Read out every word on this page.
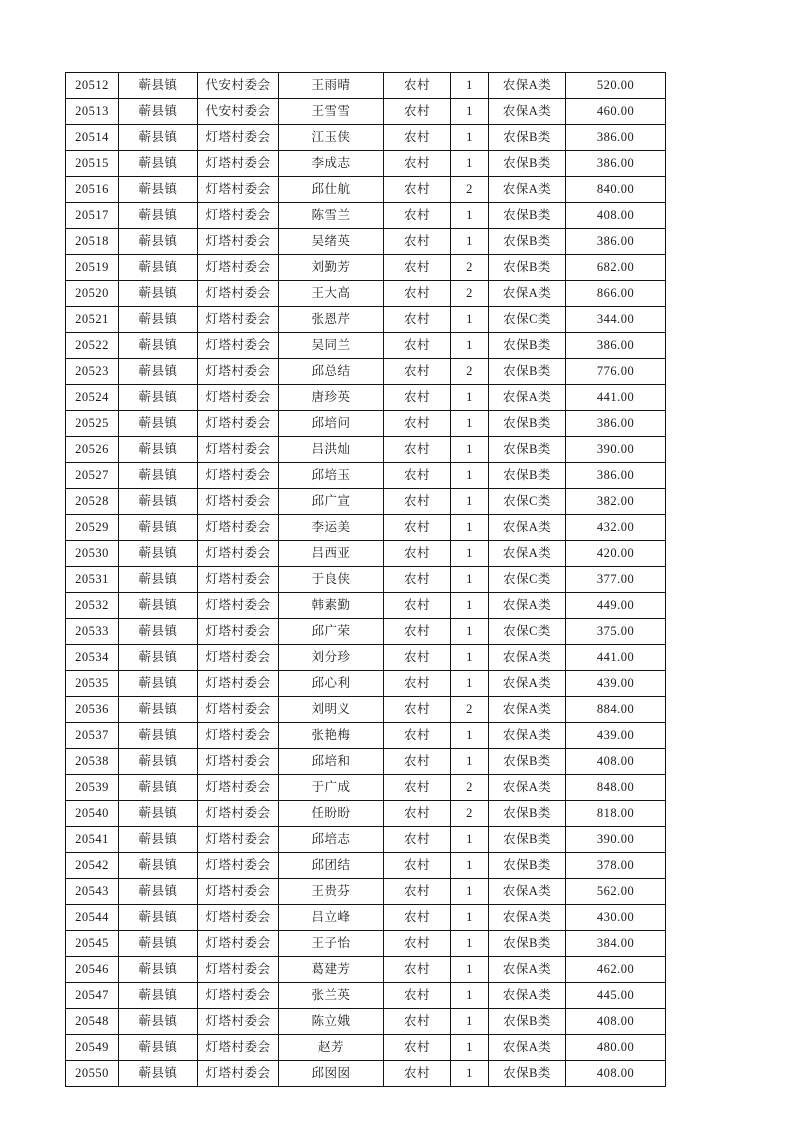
20512	蕲县镇	代安村委会	王雨晴	农村	1	农保A类	520.00
20513	蕲县镇	代安村委会	王雪雪	农村	1	农保A类	460.00
20514	蕲县镇	灯塔村委会	江玉侠	农村	1	农保B类	386.00
20515	蕲县镇	灯塔村委会	李成志	农村	1	农保B类	386.00
20516	蕲县镇	灯塔村委会	邱仕航	农村	2	农保A类	840.00
20517	蕲县镇	灯塔村委会	陈雪兰	农村	1	农保B类	408.00
20518	蕲县镇	灯塔村委会	吴绪英	农村	1	农保B类	386.00
20519	蕲县镇	灯塔村委会	刘勤芳	农村	2	农保B类	682.00
20520	蕲县镇	灯塔村委会	王大高	农村	2	农保A类	866.00
20521	蕲县镇	灯塔村委会	张恩芹	农村	1	农保C类	344.00
20522	蕲县镇	灯塔村委会	吴同兰	农村	1	农保B类	386.00
20523	蕲县镇	灯塔村委会	邱总结	农村	2	农保B类	776.00
20524	蕲县镇	灯塔村委会	唐珍英	农村	1	农保A类	441.00
20525	蕲县镇	灯塔村委会	邱培问	农村	1	农保B类	386.00
20526	蕲县镇	灯塔村委会	吕洪灿	农村	1	农保B类	390.00
20527	蕲县镇	灯塔村委会	邱培玉	农村	1	农保B类	386.00
20528	蕲县镇	灯塔村委会	邱广宣	农村	1	农保C类	382.00
20529	蕲县镇	灯塔村委会	李运美	农村	1	农保A类	432.00
20530	蕲县镇	灯塔村委会	吕西亚	农村	1	农保A类	420.00
20531	蕲县镇	灯塔村委会	于良侠	农村	1	农保C类	377.00
20532	蕲县镇	灯塔村委会	韩素勤	农村	1	农保A类	449.00
20533	蕲县镇	灯塔村委会	邱广荣	农村	1	农保C类	375.00
20534	蕲县镇	灯塔村委会	刘分珍	农村	1	农保A类	441.00
20535	蕲县镇	灯塔村委会	邱心利	农村	1	农保A类	439.00
20536	蕲县镇	灯塔村委会	刘明义	农村	2	农保A类	884.00
20537	蕲县镇	灯塔村委会	张艳梅	农村	1	农保A类	439.00
20538	蕲县镇	灯塔村委会	邱培和	农村	1	农保B类	408.00
20539	蕲县镇	灯塔村委会	于广成	农村	2	农保A类	848.00
20540	蕲县镇	灯塔村委会	任盼盼	农村	2	农保B类	818.00
20541	蕲县镇	灯塔村委会	邱培志	农村	1	农保B类	390.00
20542	蕲县镇	灯塔村委会	邱团结	农村	1	农保B类	378.00
20543	蕲县镇	灯塔村委会	王贵芬	农村	1	农保A类	562.00
20544	蕲县镇	灯塔村委会	吕立峰	农村	1	农保A类	430.00
20545	蕲县镇	灯塔村委会	王子怡	农村	1	农保B类	384.00
20546	蕲县镇	灯塔村委会	葛建芳	农村	1	农保A类	462.00
20547	蕲县镇	灯塔村委会	张兰英	农村	1	农保A类	445.00
20548	蕲县镇	灯塔村委会	陈立娥	农村	1	农保B类	408.00
20549	蕲县镇	灯塔村委会	赵芳	农村	1	农保A类	480.00
20550	蕲县镇	灯塔村委会	邱囡囡	农村	1	农保B类	408.00
